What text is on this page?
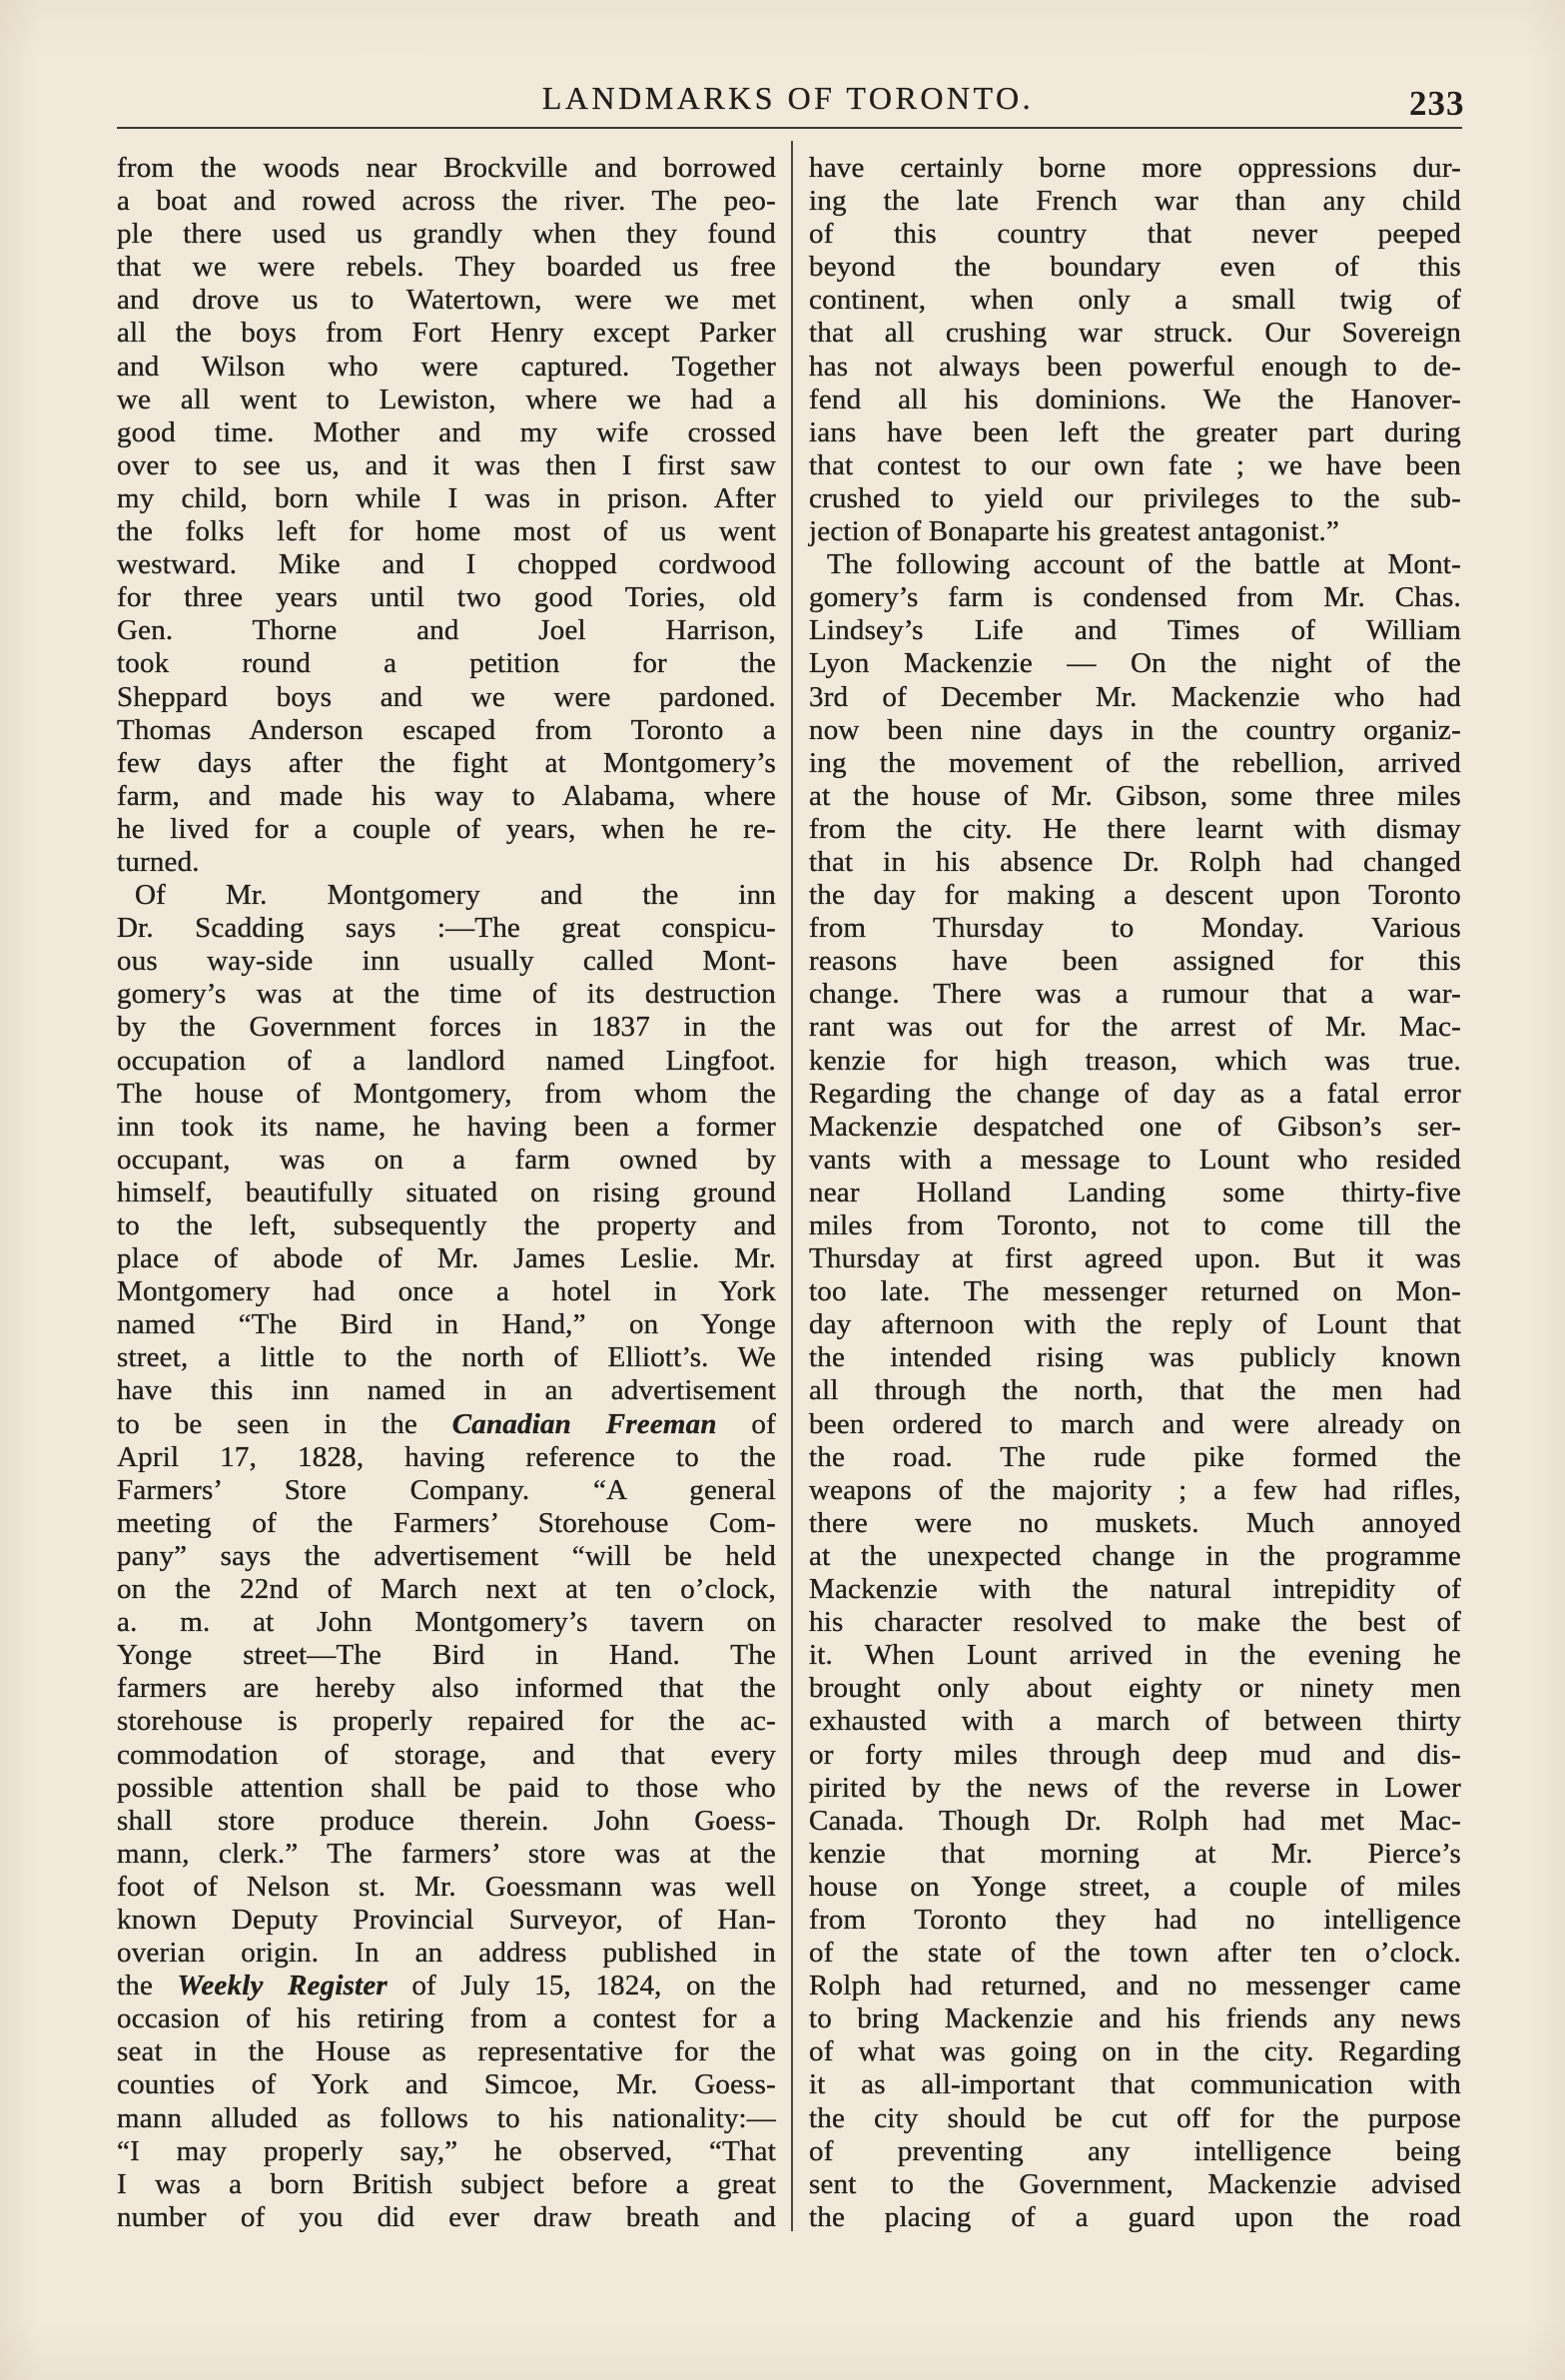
LANDMARKS OF TORONTO.	233
from the woods near Brockville and borrowed
a boat and rowed across the river. The peo-
ple there used us grandly when they found
that we were rebels. They boarded us free
and drove us to Watertown, were we met
all the boys from Fort Henry except Parker
and Wilson who were captured. Together
we all went to Lewiston, where we had a
good time. Mother and my wife crossed
over to see us, and it was then I first saw
my child, born while I was in prison. After
the folks left for home most of us went
westward. Mike and I chopped cordwood
for three years until two good Tories, old
Gen. Thorne and Joel Harrison,
took round a petition for the
Sheppard boys and we were pardoned.
Thomas Anderson escaped from Toronto a
few days after the fight at Montgomery’s
farm, and made his way to Alabama, where
he lived for a couple of years, when he re-
turned.
Of Mr. Montgomery and the inn
Dr. Scadding says :—The great conspicu-
ous way-side inn usually called Mont-
gomery’s was at the time of its destruction
by the Government forces in 1837 in the
occupation of a landlord named Lingfoot.
The house of Montgomery, from whom the
inn took its name, he having been a former
occupant, was on a farm owned by
himself, beautifully situated on rising ground
to the left, subsequently the property and
place of abode of Mr. James Leslie. Mr.
Montgomery had once a hotel in York
named “The Bird in Hand,” on Yonge
street, a little to the north of Elliott’s. We
have this inn named in an advertisement
to be seen in the Canadian Freeman of
April 17, 1828, having reference to the
Farmers’ Store Company. “A general
meeting of the Farmers’ Storehouse Com-
pany” says the advertisement “will be held
on the 22nd of March next at ten o’clock,
a. m. at John Montgomery’s tavern on
Yonge street—The Bird in Hand. The
farmers are hereby also informed that the
storehouse is properly repaired for the ac-
commodation of storage, and that every
possible attention shall be paid to those who
shall store produce therein. John Goess-
mann, clerk.” The farmers’ store was at the
foot of Nelson st. Mr. Goessmann was well
known Deputy Provincial Surveyor, of Han-
overian origin. In an address published in
the Weekly Register of July 15, 1824, on the
occasion of his retiring from a contest for a
seat in the House as representative for the
counties of York and Simcoe, Mr. Goess-
mann alluded as follows to his nationality:—
“I may properly say,” he observed, “That
I was a born British subject before a great
number of you did ever draw breath and
have certainly borne more oppressions dur-
ing the late French war than any child
of this country that never peeped
beyond the boundary even of this
continent, when only a small twig of
that all crushing war struck. Our Sovereign
has not always been powerful enough to de-
fend all his dominions. We the Hanover-
ians have been left the greater part during
that contest to our own fate ; we have been
crushed to yield our privileges to the sub-
jection of Bonaparte his greatest antagonist.”
The following account of the battle at Mont-
gomery’s farm is condensed from Mr. Chas.
Lindsey’s Life and Times of William
Lyon Mackenzie — On the night of the
3rd of December Mr. Mackenzie who had
now been nine days in the country organiz-
ing the movement of the rebellion, arrived
at the house of Mr. Gibson, some three miles
from the city. He there learnt with dismay
that in his absence Dr. Rolph had changed
the day for making a descent upon Toronto
from Thursday to Monday. Various
reasons have been assigned for this
change. There was a rumour that a war-
rant was out for the arrest of Mr. Mac-
kenzie for high treason, which was true.
Regarding the change of day as a fatal error
Mackenzie despatched one of Gibson’s ser-
vants with a message to Lount who resided
near Holland Landing some thirty-five
miles from Toronto, not to come till the
Thursday at first agreed upon. But it was
too late. The messenger returned on Mon-
day afternoon with the reply of Lount that
the intended rising was publicly known
all through the north, that the men had
been ordered to march and were already on
the road. The rude pike formed the
weapons of the majority ; a few had rifles,
there were no muskets. Much annoyed
at the unexpected change in the programme
Mackenzie with the natural intrepidity of
his character resolved to make the best of
it. When Lount arrived in the evening he
brought only about eighty or ninety men
exhausted with a march of between thirty
or forty miles through deep mud and dis-
pirited by the news of the reverse in Lower
Canada. Though Dr. Rolph had met Mac-
kenzie that morning at Mr. Pierce’s
house on Yonge street, a couple of miles
from Toronto they had no intelligence
of the state of the town after ten o’clock.
Rolph had returned, and no messenger came
to bring Mackenzie and his friends any news
of what was going on in the city. Regarding
it as all-important that communication with
the city should be cut off for the purpose
of preventing any intelligence being
sent to the Government, Mackenzie advised
the placing of a guard upon the road
